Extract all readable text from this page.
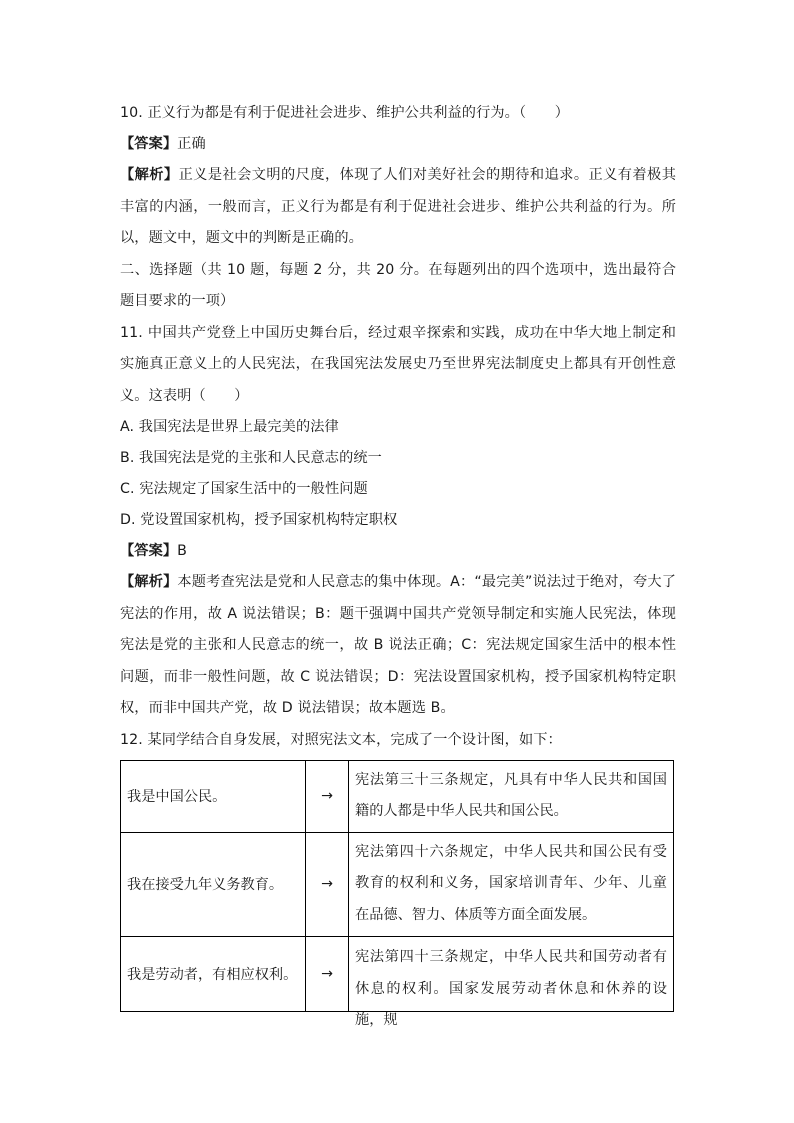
10. 正义行为都是有利于促进社会进步、维护公共利益的行为。（　　）
【答案】正确
【解析】正义是社会文明的尺度，体现了人们对美好社会的期待和追求。正义有着极其丰富的内涵，一般而言，正义行为都是有利于促进社会进步、维护公共利益的行为。所以，题文中，题文中的判断是正确的。
二、选择题（共 10 题，每题 2 分，共 20 分。在每题列出的四个选项中，选出最符合题目要求的一项）
11. 中国共产党登上中国历史舞台后，经过艰辛探索和实践，成功在中华大地上制定和实施真正意义上的人民宪法，在我国宪法发展史乃至世界宪法制度史上都具有开创性意义。这表明（　　）
A. 我国宪法是世界上最完美的法律
B. 我国宪法是党的主张和人民意志的统一
C. 宪法规定了国家生活中的一般性问题
D. 党设置国家机构，授予国家机构特定职权
【答案】B
【解析】本题考查宪法是党和人民意志的集中体现。A：“最完美”说法过于绝对，夸大了宪法的作用，故 A 说法错误；B：题干强调中国共产党领导制定和实施人民宪法，体现宪法是党的主张和人民意志的统一，故 B 说法正确；C：宪法规定国家生活中的根本性问题，而非一般性问题，故 C 说法错误；D：宪法设置国家机构，授予国家机构特定职权，而非中国共产党，故 D 说法错误；故本题选 B。
12. 某同学结合自身发展，对照宪法文本，完成了一个设计图，如下：
我是中国公民。	→	宪法第三十三条规定，凡具有中华人民共和国国籍的人都是中华人民共和国公民。
我在接受九年义务教育。	→	宪法第四十六条规定，中华人民共和国公民有受教育的权利和义务，国家培训青年、少年、儿童在品德、智力、体质等方面全面发展。
我是劳动者，有相应权利。	→	宪法第四十三条规定，中华人民共和国劳动者有休息的权利。国家发展劳动者休息和休养的设施，规
